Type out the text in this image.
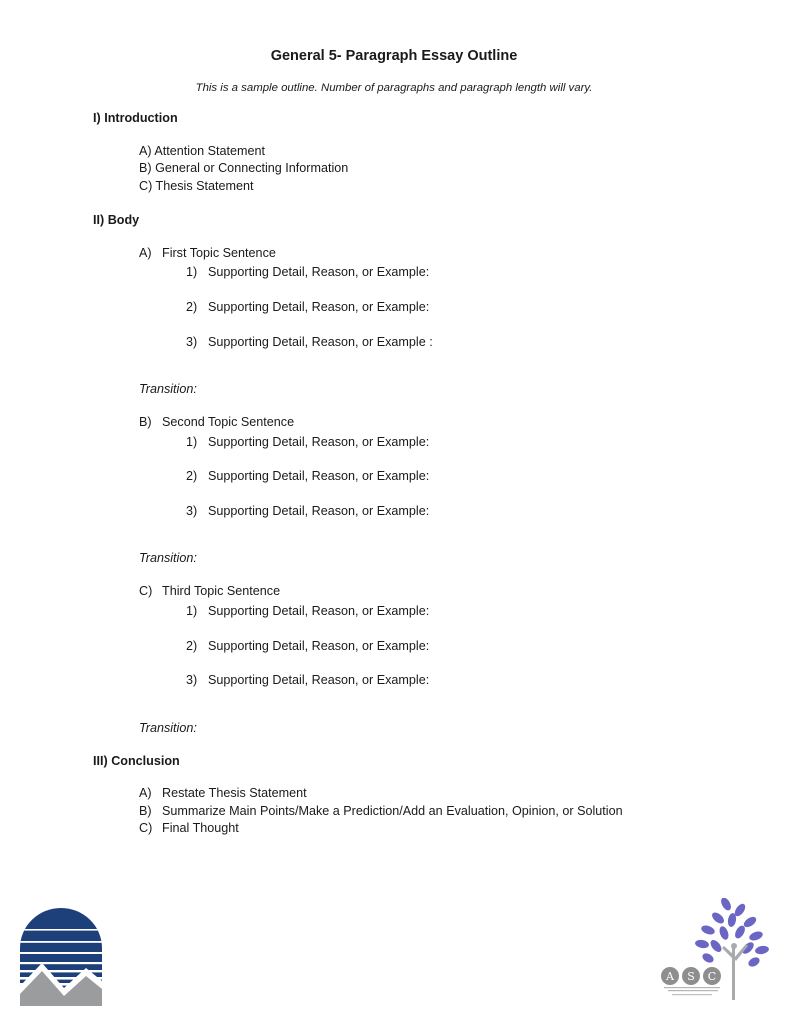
General 5- Paragraph Essay Outline
This is a sample outline. Number of paragraphs and paragraph length will vary.
I) Introduction
A) Attention Statement
B) General or Connecting Information
C) Thesis Statement
II) Body
A) First Topic Sentence
1) Supporting Detail, Reason, or Example:
2) Supporting Detail, Reason, or Example:
3) Supporting Detail, Reason, or Example :
Transition:
B) Second Topic Sentence
1) Supporting Detail, Reason, or Example:
2) Supporting Detail, Reason, or Example:
3) Supporting Detail, Reason, or Example:
Transition:
C) Third Topic Sentence
1) Supporting Detail, Reason, or Example:
2) Supporting Detail, Reason, or Example:
3) Supporting Detail, Reason, or Example:
Transition:
III) Conclusion
A) Restate Thesis Statement
B) Summarize Main Points/Make a Prediction/Add an Evaluation, Opinion, or Solution
C) Final Thought
A S C
